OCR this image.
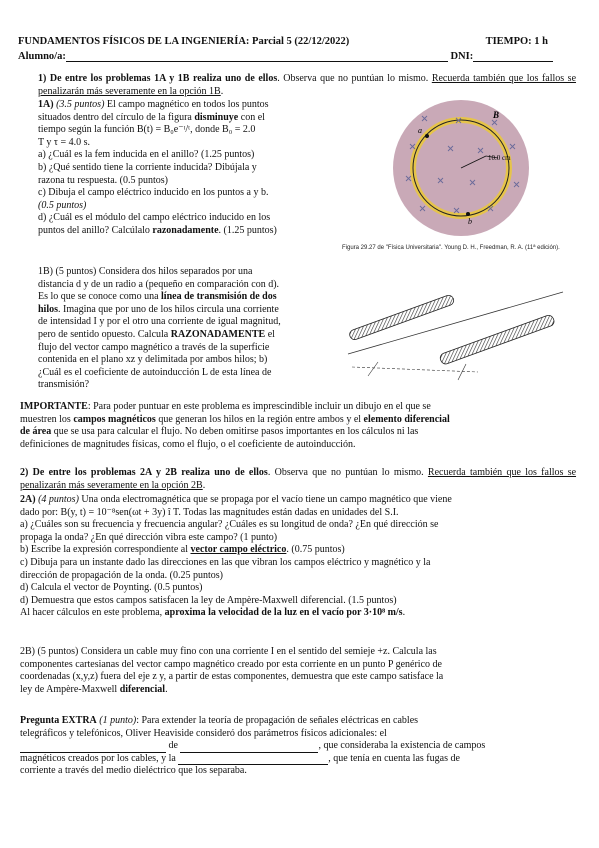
FUNDAMENTOS FÍSICOS DE LA INGENIERÍA: Parcial 5 (22/12/2022)	TIEMPO: 1 h
Alumno/a:	DNI:
1) De entre los problemas 1A y 1B realiza uno de ellos. Observa que no puntúan lo mismo. Recuerda también que los fallos se penalizarán más severamente en la opción 1B.
1A) (3.5 puntos) El campo magnético en todos los puntos
situados dentro del círculo de la figura disminuye con el
tiempo según la función B(t) = B₀e⁻ᵗ/ᵗ, donde B₀ = 2.0
T y τ = 4.0 s.
a) ¿Cuál es la fem inducida en el anillo? (1.25 puntos)
b) ¿Qué sentido tiene la corriente inducida? Dibújala y
razona tu respuesta. (0.5 puntos)
c) Dibuja el campo eléctrico inducido en los puntos a y b.
(0.5 puntos)
d) ¿Cuál es el módulo del campo eléctrico inducido en los
puntos del anillo? Calcúlalo razonadamente. (1.25 puntos)
10.0 cm
a
b
B
Figura 29.27 de "Física Universitaria". Young D. H., Freedman, R. A. (11ª edición).
1B) (5 puntos) Considera dos hilos separados por una
distancia d y de un radio a (pequeño en comparación con d).
Es lo que se conoce como una línea de transmisión de dos
hilos. Imagina que por uno de los hilos circula una corriente
de intensidad I y por el otro una corriente de igual magnitud,
pero de sentido opuesto. Calcula RAZONADAMENTE el
flujo del vector campo magnético a través de la superficie
contenida en el plano xz y delimitada por ambos hilos; b)
¿Cuál es el coeficiente de autoinducción L de esta línea de
transmisión?
IMPORTANTE: Para poder puntuar en este problema es imprescindible incluir un dibujo en el que se
muestren los campos magnéticos que generan los hilos en la región entre ambos y el elemento diferencial
de área que se usa para calcular el flujo. No deben omitirse pasos importantes en los cálculos ni las
definiciones de magnitudes físicas, como el flujo, o el coeficiente de autoinducción.
2) De entre los problemas 2A y 2B realiza uno de ellos. Observa que no puntúan lo mismo. Recuerda también que los fallos se penalizarán más severamente en la opción 2B.
2A) (4 puntos) Una onda electromagnética que se propaga por el vacío tiene un campo magnético que viene
dado por: B(y, t) = 10⁻⁸sen(ωt + 3y) î T. Todas las magnitudes están dadas en unidades del S.I.
a) ¿Cuáles son su frecuencia y frecuencia angular? ¿Cuáles es su longitud de onda? ¿En qué dirección se
propaga la onda? ¿En qué dirección vibra este campo? (1 punto)
b) Escribe la expresión correspondiente al vector campo eléctrico. (0.75 puntos)
c) Dibuja para un instante dado las direcciones en las que vibran los campos eléctrico y magnético y la
dirección de propagación de la onda. (0.25 puntos)
d) Calcula el vector de Poynting. (0.5 puntos)
d) Demuestra que estos campos satisfacen la ley de Ampère-Maxwell diferencial. (1.5 puntos)
Al hacer cálculos en este problema, aproxima la velocidad de la luz en el vacío por 3·10⁸ m/s.
2B) (5 puntos) Considera un cable muy fino con una corriente I en el sentido del semieje +z. Calcula las
componentes cartesianas del vector campo magnético creado por esta corriente en un punto P genérico de
coordenadas (x,y,z) fuera del eje z y, a partir de estas componentes, demuestra que este campo satisface la
ley de Ampère-Maxwell diferencial.
Pregunta EXTRA (1 punto): Para extender la teoría de propagación de señales eléctricas en cables
telegráficos y telefónicos, Oliver Heaviside consideró dos parámetros físicos adicionales: el
de	, que consideraba la existencia de campos
magnéticos creados por los cables, y la	, que tenía en cuenta las fugas de
corriente a través del medio dieléctrico que los separaba.
